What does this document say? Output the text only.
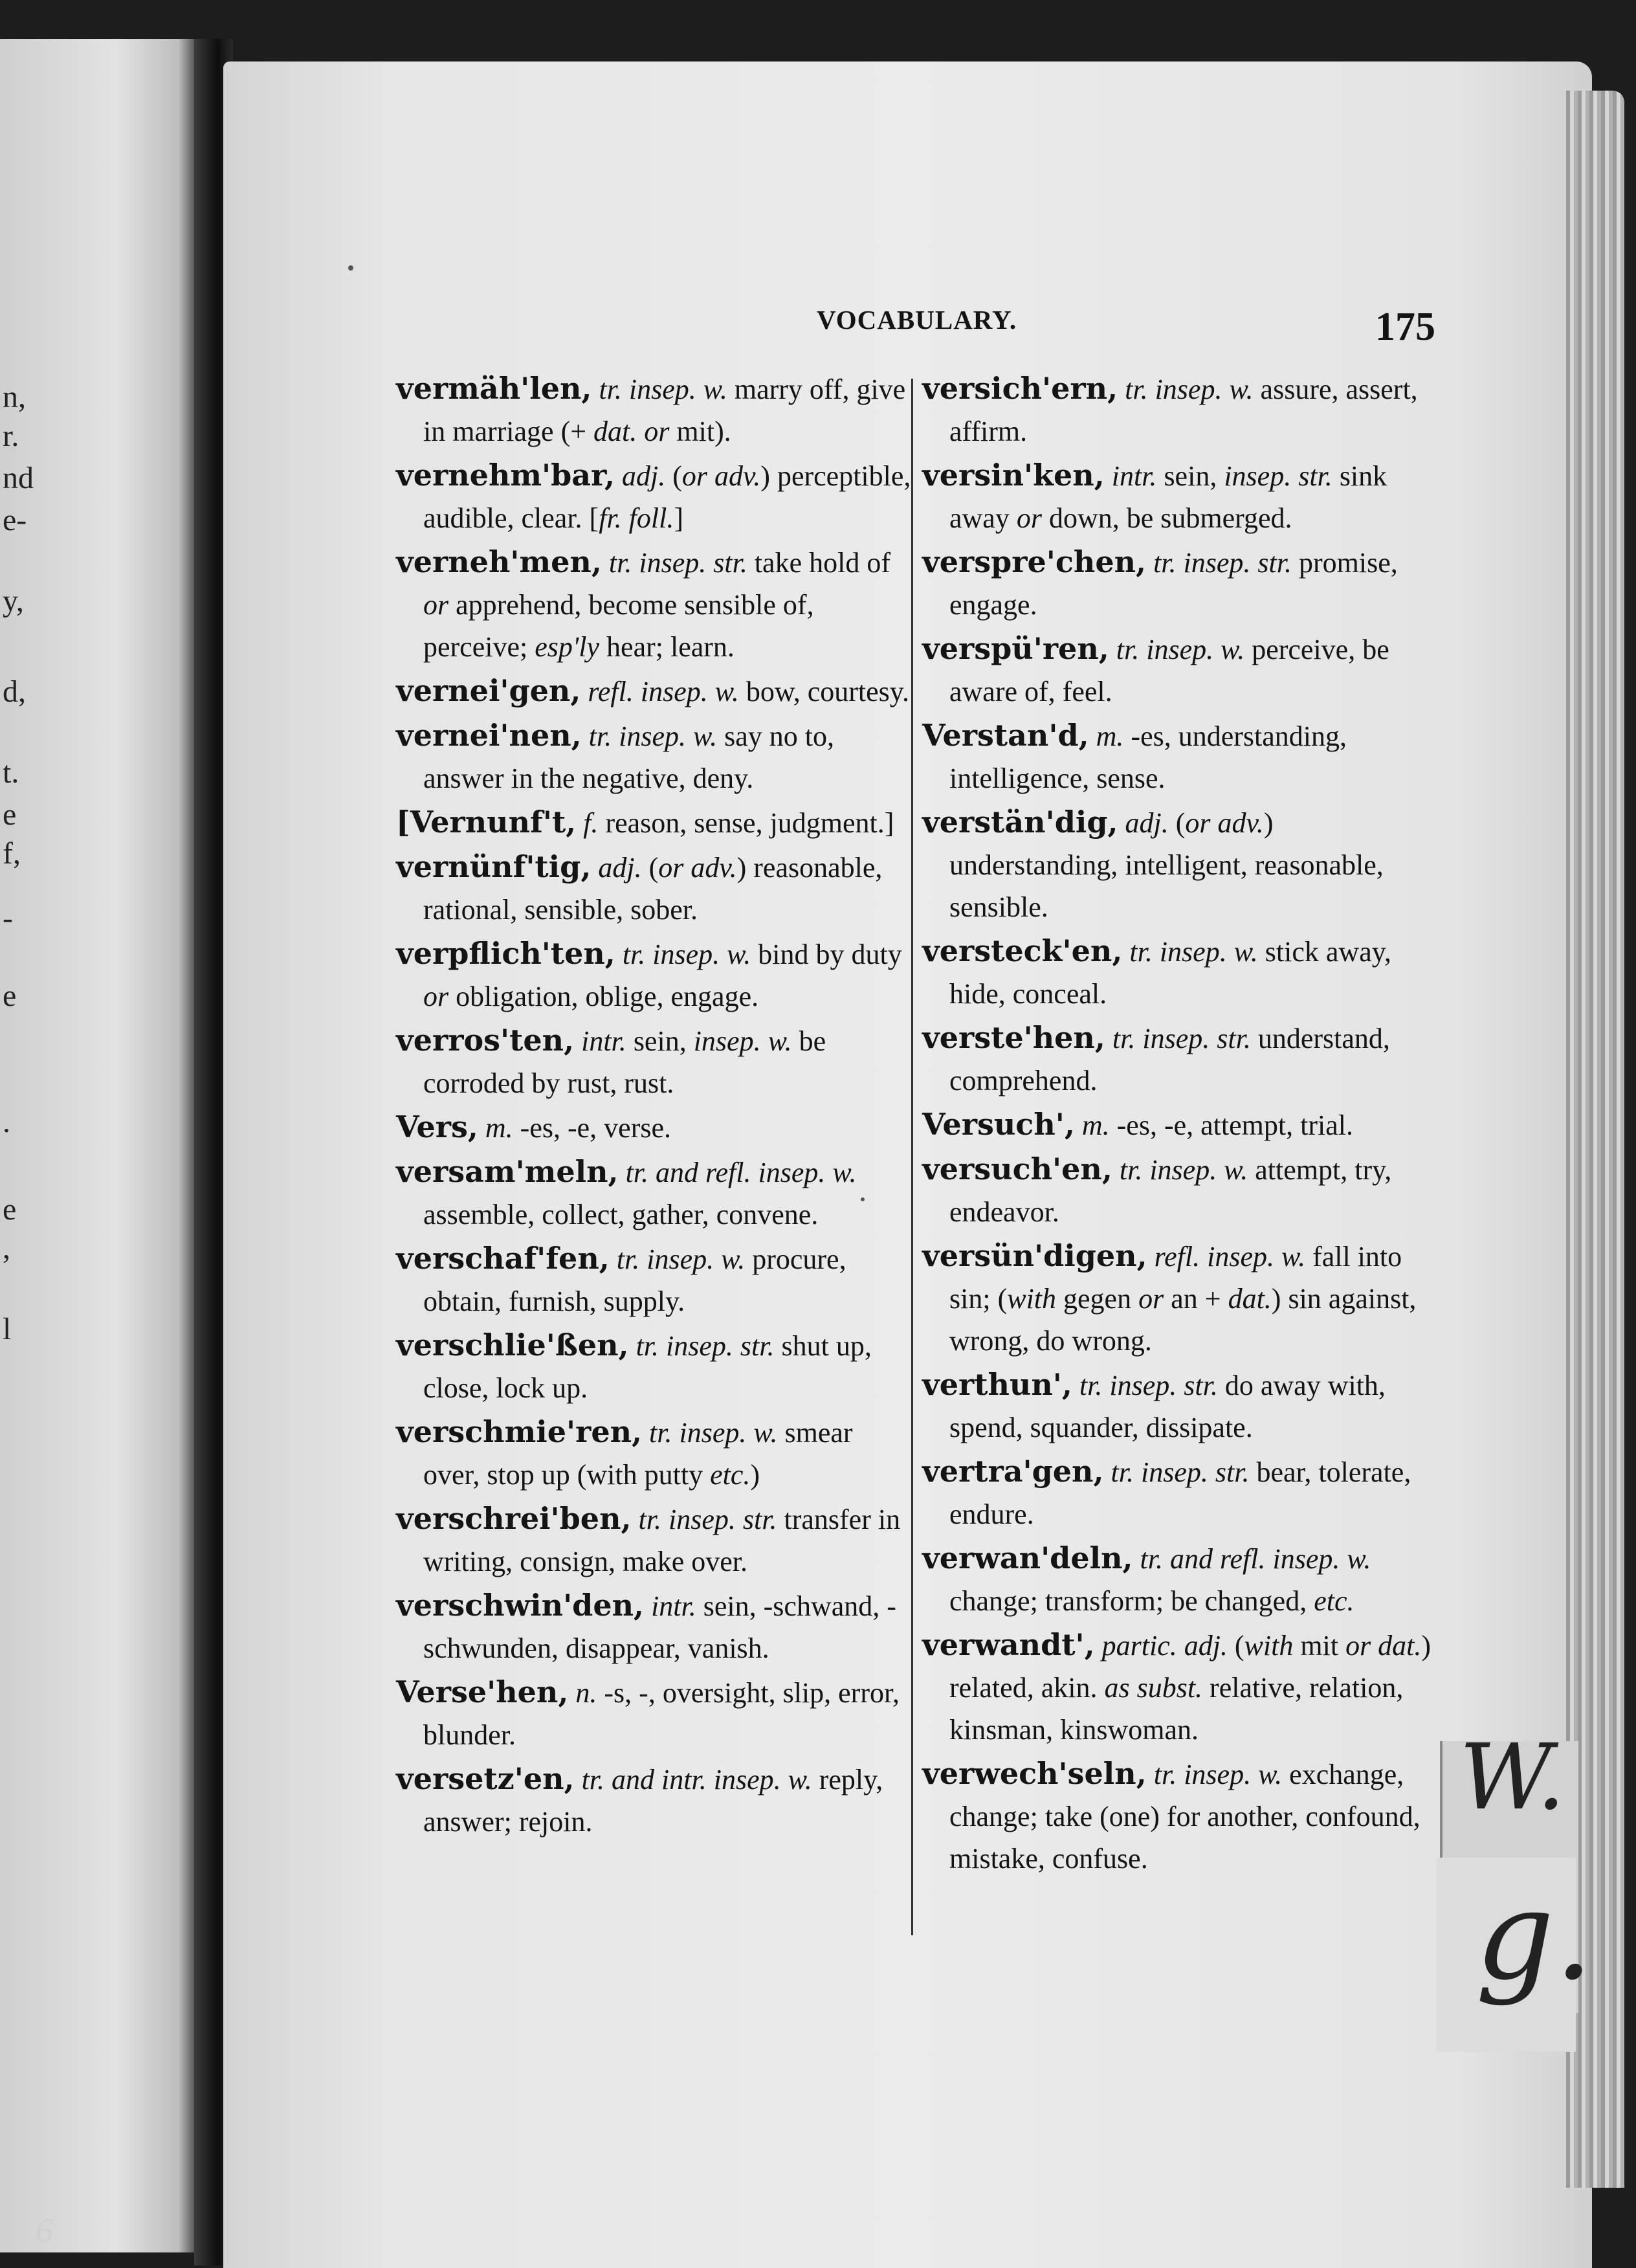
n,
r.
nd
e-
y,
d,
t.
e
f,
-
e
.
e
,
l
VOCABULARY.	175
vermäh'len, tr. insep. w. marry off, give in marriage (+ dat. or mit).
vernehm'bar, adj. (or adv.) perceptible, audible, clear. [fr. foll.]
verneh'men, tr. insep. str. take hold of or apprehend, become sensible of, perceive; esp'ly hear; learn.
vernei'gen, refl. insep. w. bow, courtesy.
vernei'nen, tr. insep. w. say no to, answer in the negative, deny.
[Vernunf't, f. reason, sense, judgment.]
vernünf'tig, adj. (or adv.) reasonable, rational, sensible, sober.
verpflich'ten, tr. insep. w. bind by duty or obligation, oblige, engage.
verros'ten, intr. sein, insep. w. be corroded by rust, rust.
Vers, m. -es, -e, verse.
versam'meln, tr. and refl. insep. w. assemble, collect, gather, convene.
verschaf'fen, tr. insep. w. procure, obtain, furnish, supply.
verschlie'ßen, tr. insep. str. shut up, close, lock up.
verschmie'ren, tr. insep. w. smear over, stop up (with putty etc.)
verschrei'ben, tr. insep. str. transfer in writing, consign, make over.
verschwin'den, intr. sein, -schwand, -schwunden, disappear, vanish.
Verse'hen, n. -s, -, oversight, slip, error, blunder.
versetz'en, tr. and intr. insep. w. reply, answer; rejoin.
versich'ern, tr. insep. w. assure, assert, affirm.
versin'ken, intr. sein, insep. str. sink away or down, be submerged.
verspre'chen, tr. insep. str. promise, engage.
verspü'ren, tr. insep. w. perceive, be aware of, feel.
Verstan'd, m. -es, understanding, intelligence, sense.
verstän'dig, adj. (or adv.) understanding, intelligent, reasonable, sensible.
versteck'en, tr. insep. w. stick away, hide, conceal.
verste'hen, tr. insep. str. understand, comprehend.
Versuch', m. -es, -e, attempt, trial.
versuch'en, tr. insep. w. attempt, try, endeavor.
versün'digen, refl. insep. w. fall into sin; (with gegen or an + dat.) sin against, wrong, do wrong.
verthun', tr. insep. str. do away with, spend, squander, dissipate.
vertra'gen, tr. insep. str. bear, tolerate, endure.
verwan'deln, tr. and refl. insep. w. change; transform; be changed, etc.
verwandt', partic. adj. (with mit or dat.) related, akin. as subst. relative, relation, kinsman, kinswoman.
verwech'seln, tr. insep. w. exchange, change; take (one) for another, confound, mistake, confuse.
W.
g.
6
